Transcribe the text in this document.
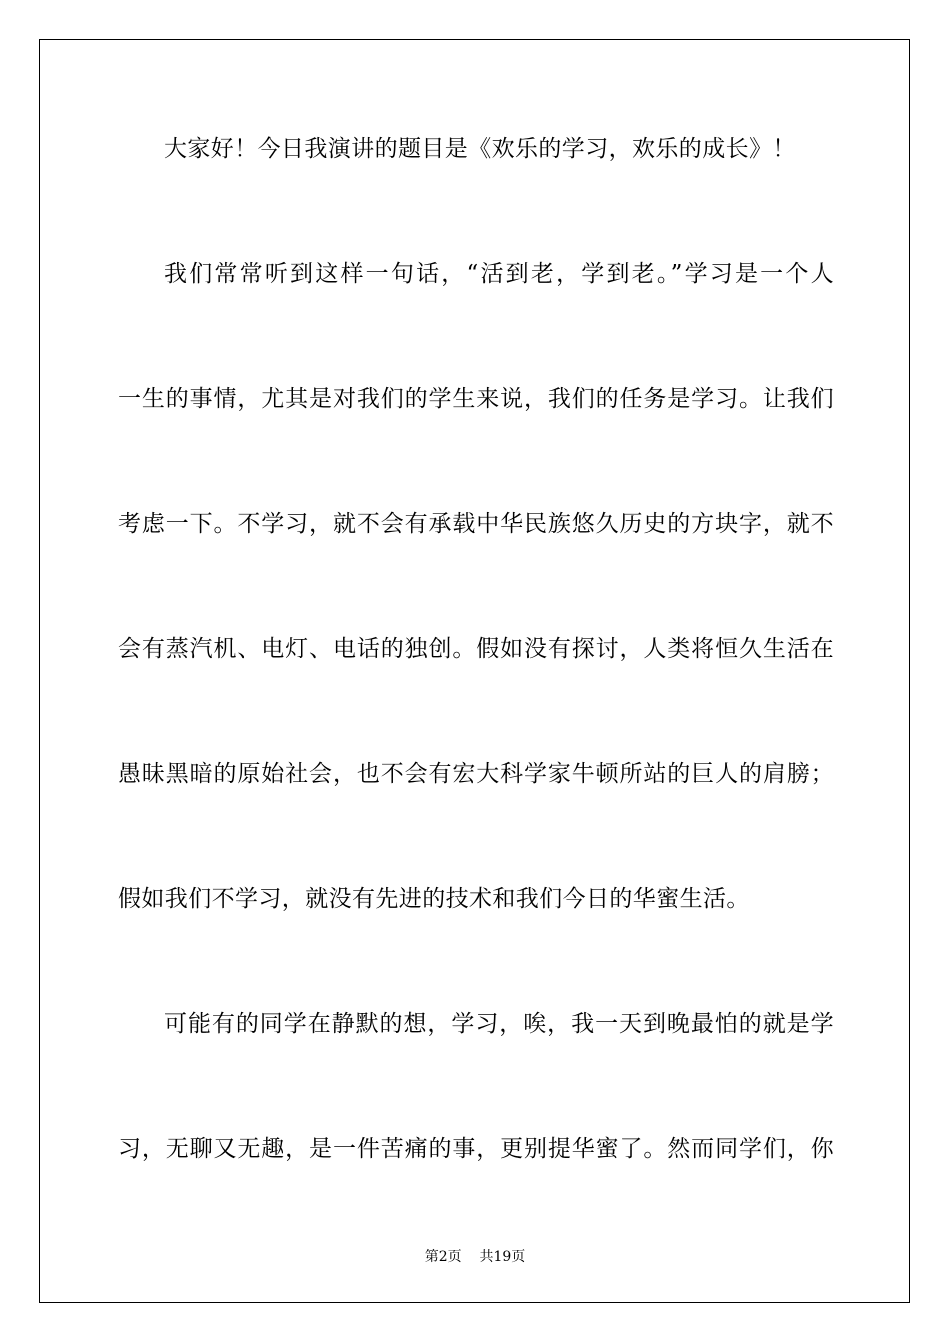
大家好！今日我演讲的题目是《欢乐的学习，欢乐的成长》！
我们常常听到这样一句话，“活到老，学到老。”学习是一个人
一生的事情，尤其是对我们的学生来说，我们的任务是学习。让我们
考虑一下。不学习，就不会有承载中华民族悠久历史的方块字，就不
会有蒸汽机、电灯、电话的独创。假如没有探讨，人类将恒久生活在
愚昧黑暗的原始社会，也不会有宏大科学家牛顿所站的巨人的肩膀；
假如我们不学习，就没有先进的技术和我们今日的华蜜生活。
可能有的同学在静默的想，学习，唉，我一天到晚最怕的就是学
习，无聊又无趣，是一件苦痛的事，更别提华蜜了。然而同学们，你
第2页 共19页
